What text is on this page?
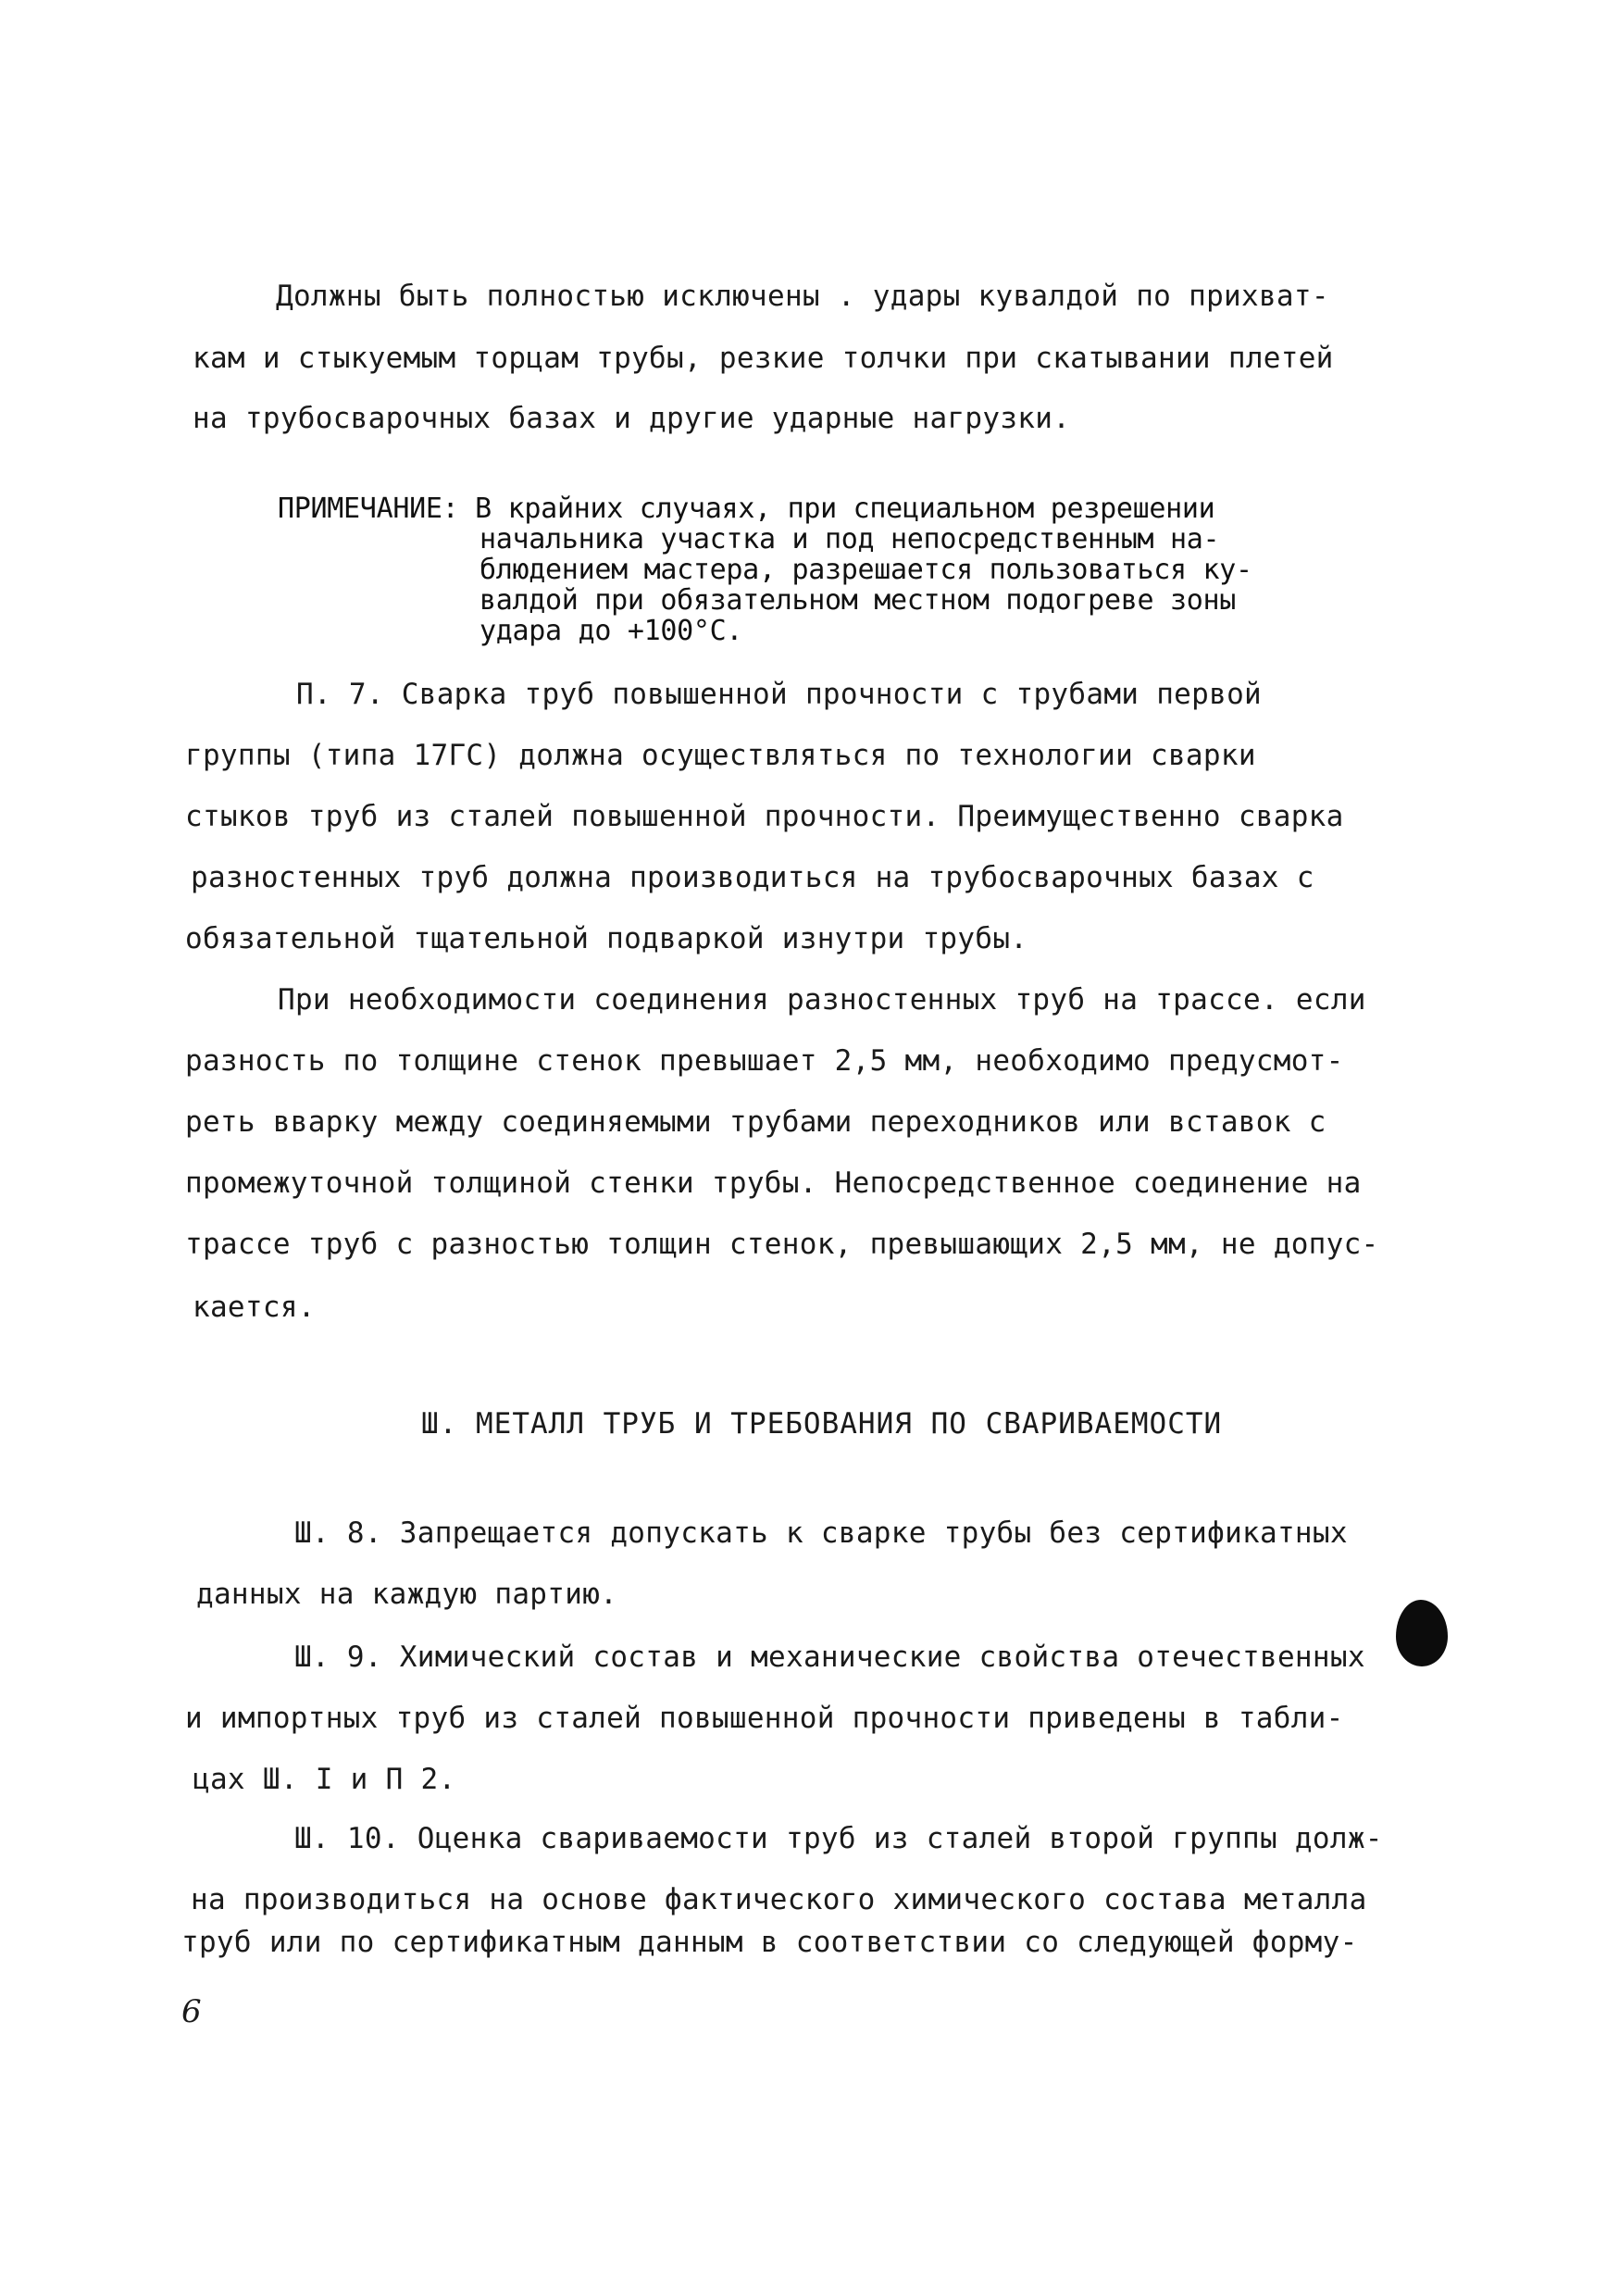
Должны быть полностью исключены . удары кувалдой по прихват-
кам и стыкуемым торцам трубы, резкие толчки при скатывании плетей
на трубосварочных базах и другие ударные нагрузки.
ПРИМЕЧАНИЕ: В крайних случаях, при специальном резрешении
начальника участка и под непосредственным на-
блюдением мастера, разрешается пользоваться ку-
валдой при обязательном местном подогреве зоны
удара до +100°С.
П. 7. Сварка труб повышенной прочности с трубами первой
группы (типа 17ГС) должна осуществляться по технологии сварки
стыков труб из сталей повышенной прочности. Преимущественно сварка
разностенных труб должна производиться на трубосварочных базах с
обязательной тщательной подваркой изнутри трубы.
При необходимости соединения разностенных труб на трассе. если
разность по толщине стенок превышает 2,5 мм, необходимо предусмот-
реть вварку между соединяемыми трубами переходников или вставок с
промежуточной толщиной стенки трубы. Непосредственное соединение на
трассе труб с разностью толщин стенок, превышающих 2,5 мм, не допус-
кается.
Ш. МЕТАЛЛ ТРУБ И ТРЕБОВАНИЯ ПО СВАРИВАЕМОСТИ
Ш. 8. Запрещается допускать к сварке трубы без сертификатных
данных на каждую партию.
Ш. 9. Химический состав и механические свойства отечественных
и импортных труб из сталей повышенной прочности приведены в табли-
цах Ш. I и П 2.
Ш. 10. Оценка свариваемости труб из сталей второй группы долж-
на производиться на основе фактического химического состава металла
труб или по сертификатным данным в соответствии со следующей форму-
6
